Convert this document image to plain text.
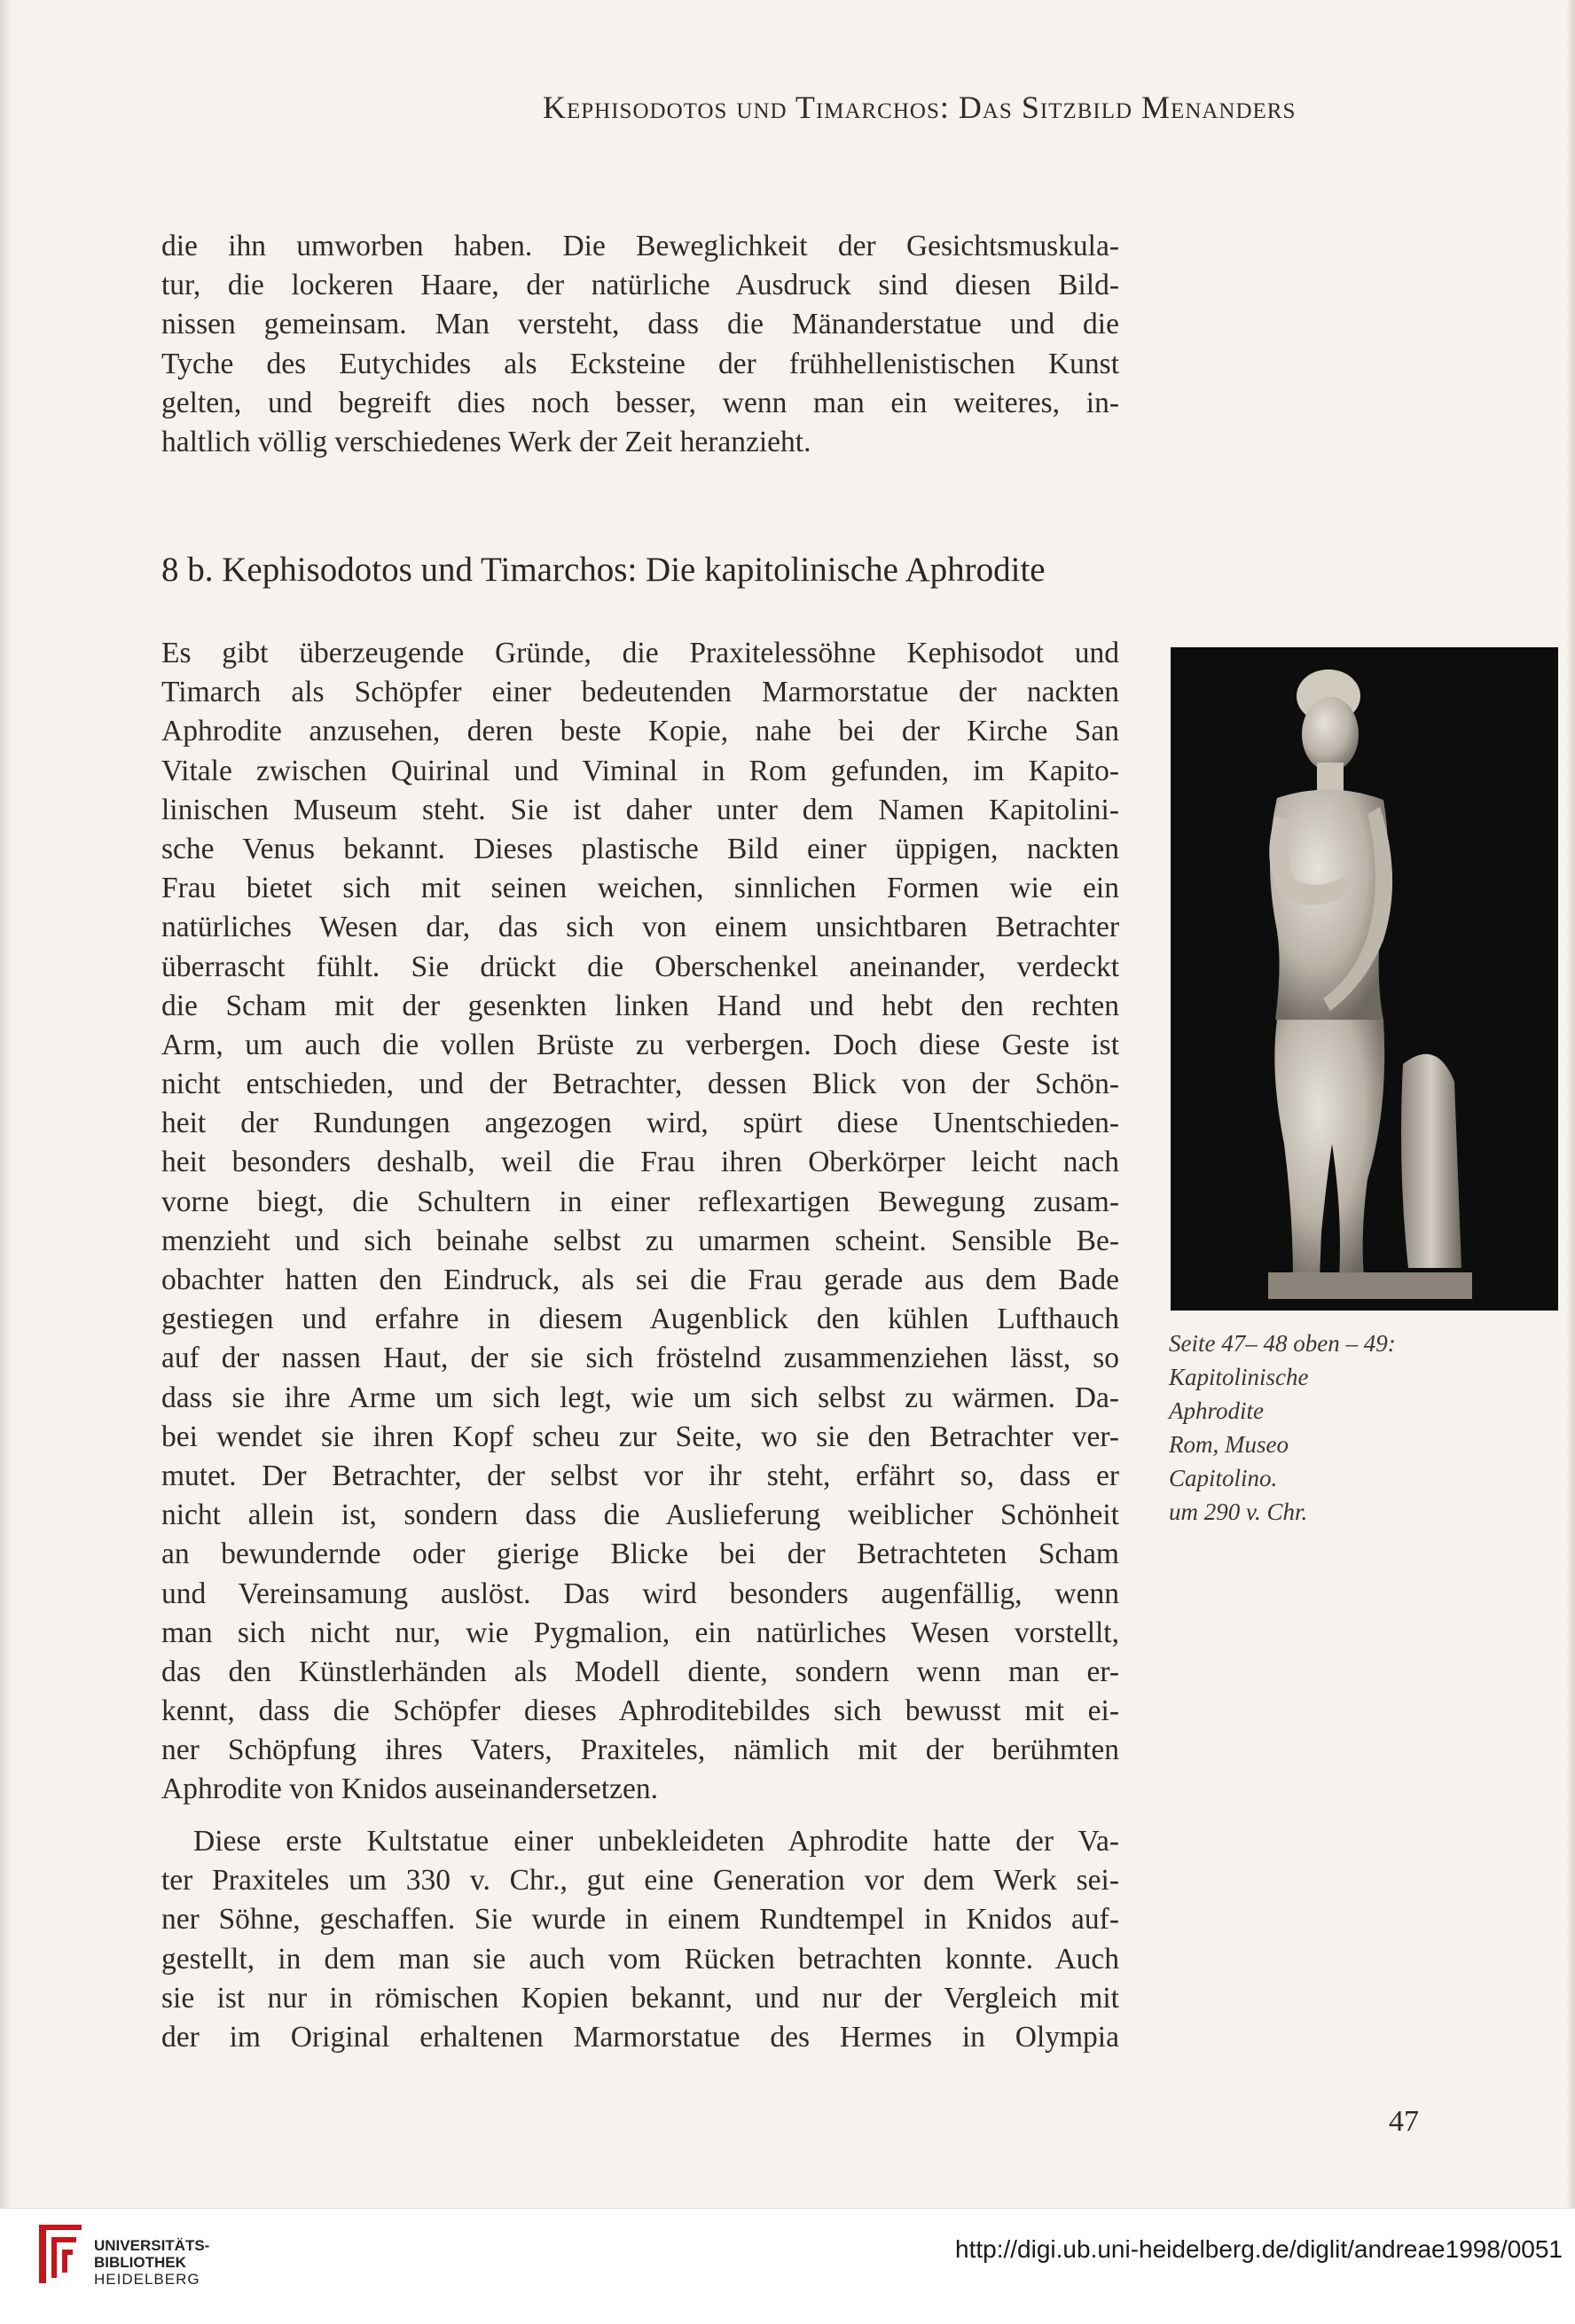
Kephisodotos und Timarchos: Das Sitzbild Menanders
die ihn umworben haben. Die Beweglichkeit der Gesichtsmuskula-
tur, die lockeren Haare, der natürliche Ausdruck sind diesen Bild-
nissen gemeinsam. Man versteht, dass die Mänanderstatue und die
Tyche des Eutychides als Ecksteine der frühhellenistischen Kunst
gelten, und begreift dies noch besser, wenn man ein weiteres, in-
haltlich völlig verschiedenes Werk der Zeit heranzieht.
8 b. Kephisodotos und Timarchos: Die kapitolinische Aphrodite
Es gibt überzeugende Gründe, die Praxitelessöhne Kephisodot und
Timarch als Schöpfer einer bedeutenden Marmorstatue der nackten
Aphrodite anzusehen, deren beste Kopie, nahe bei der Kirche San
Vitale zwischen Quirinal und Viminal in Rom gefunden, im Kapito-
linischen Museum steht. Sie ist daher unter dem Namen Kapitolini-
sche Venus bekannt. Dieses plastische Bild einer üppigen, nackten
Frau bietet sich mit seinen weichen, sinnlichen Formen wie ein
natürliches Wesen dar, das sich von einem unsichtbaren Betrachter
überrascht fühlt. Sie drückt die Oberschenkel aneinander, verdeckt
die Scham mit der gesenkten linken Hand und hebt den rechten
Arm, um auch die vollen Brüste zu verbergen. Doch diese Geste ist
nicht entschieden, und der Betrachter, dessen Blick von der Schön-
heit der Rundungen angezogen wird, spürt diese Unentschieden-
heit besonders deshalb, weil die Frau ihren Oberkörper leicht nach
vorne biegt, die Schultern in einer reflexartigen Bewegung zusam-
menzieht und sich beinahe selbst zu umarmen scheint. Sensible Be-
obachter hatten den Eindruck, als sei die Frau gerade aus dem Bade
gestiegen und erfahre in diesem Augenblick den kühlen Lufthauch
auf der nassen Haut, der sie sich fröstelnd zusammenziehen lässt, so
dass sie ihre Arme um sich legt, wie um sich selbst zu wärmen. Da-
bei wendet sie ihren Kopf scheu zur Seite, wo sie den Betrachter ver-
mutet. Der Betrachter, der selbst vor ihr steht, erfährt so, dass er
nicht allein ist, sondern dass die Auslieferung weiblicher Schönheit
an bewundernde oder gierige Blicke bei der Betrachteten Scham
und Vereinsamung auslöst. Das wird besonders augenfällig, wenn
man sich nicht nur, wie Pygmalion, ein natürliches Wesen vorstellt,
das den Künstlerhänden als Modell diente, sondern wenn man er-
kennt, dass die Schöpfer dieses Aphroditebildes sich bewusst mit ei-
ner Schöpfung ihres Vaters, Praxiteles, nämlich mit der berühmten
Aphrodite von Knidos auseinandersetzen.
Diese erste Kultstatue einer unbekleideten Aphrodite hatte der Va-
ter Praxiteles um 330 v. Chr., gut eine Generation vor dem Werk sei-
ner Söhne, geschaffen. Sie wurde in einem Rundtempel in Knidos auf-
gestellt, in dem man sie auch vom Rücken betrachten konnte. Auch
sie ist nur in römischen Kopien bekannt, und nur der Vergleich mit
der im Original erhaltenen Marmorstatue des Hermes in Olympia
Seite 47– 48 oben – 49:
Kapitolinische
Aphrodite
Rom, Museo
Capitolino.
um 290 v. Chr.
47
UNIVERSITÄTS-
BIBLIOTHEK
HEIDELBERG
http://digi.ub.uni-heidelberg.de/diglit/andreae1998/0051
